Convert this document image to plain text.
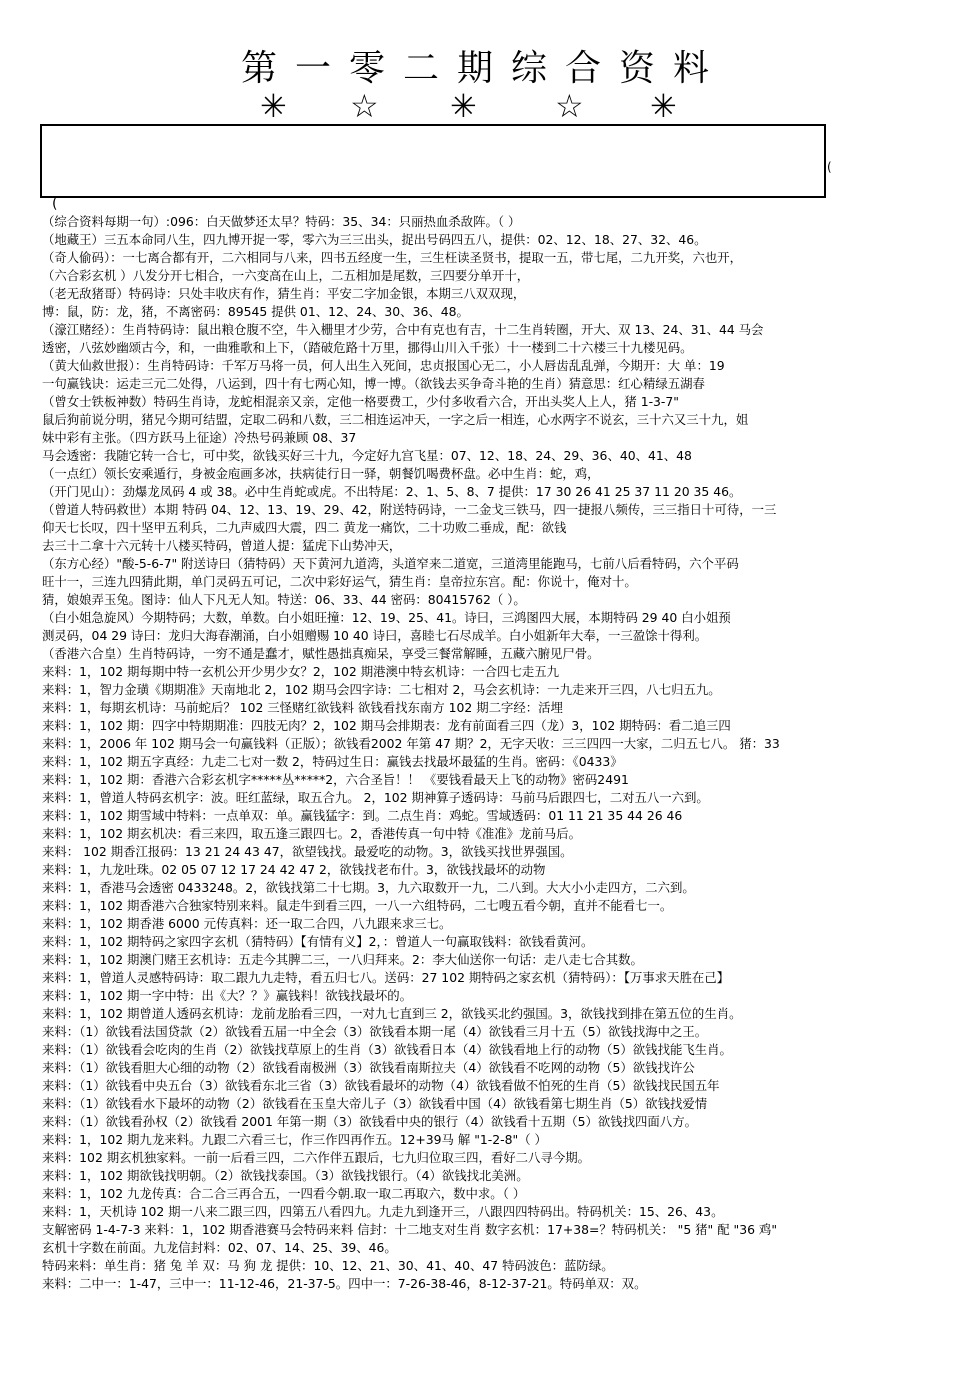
第一零二期综合资料
✳ ☆ ✳ ☆ ✳
(
(
（综合资料每期一句）:096：白天做梦还太早？特码：35、34：只丽热血杀敌阵。（ ）
（地藏王）三五本命同八生，四九博开捉一零，零六为三三出头，捉出号码四五八，提供：02、12、18、27、32、46。
（奇人偷码）：一七离合都有开，二六相同与八来，四书五经度一生，三生枉读圣贤书，提取一五，带七尾，二九开奖，六也开，
（六合彩玄机 ）八发分开七相合，一六变高在山上，二五相加是尾数，三四要分单开十，
（老无敌猪哥）特码诗：只处丰收庆有作，猜生肖：平安二字加金银，本期三八双双现，
博：鼠，防：龙，猪，不离密码：89545 提供 01、12、24、30、36、48。
（濠江赌经）：生肖特码诗：鼠出粮仓腹不空，牛入栅里才少劳，合中有克也有吉，十二生肖转圈，开大、双 13、24、31、44 马会
透密，八弦妙幽颂古今，和，一曲雅歌和上下，（踏破危路十万里，挪得山川入千张）十一楼到二十六楼三十九楼见码。
（黄大仙救世报）：生肖特码诗：千军万马将一员，何人出生入死间，忠贞报国心无二，小人唇齿乱乱弹，今期开：大 单：19
一句赢钱诀：运走三元二处得，八运到，四十有七两心知，博一博。（欲钱去买争奇斗艳的生肖）猜意思：红心精绿五湖春
（曾女士铁板神数）特码生肖诗，龙蛇相混亲又亲，定他一格要费工，少付多收看六合，开出头奖人上人，猪 1-3-7"
鼠后狗前说分明，猪兄今期可结盟，定取二码和八数，三二相连运冲天，一字之后一相连，心水两字不说玄，三十六又三十九，姐
妹中彩有主张。（四方跃马上征途）冷热号码兼顾 08、37
马会透密：我随它转一合七，可中奖，欲钱买好三十九，今定好九宫飞星：07、12、18、24、29、36、40、41、48
（一点红）领长安乘遁行，身被金庖画多冰，扶病徒行日一驿，朝餐饥喝费杯盘。必中生肖：蛇，鸡，
（开门见山）：劲爆龙凤码 4 或 38。必中生肖蛇或虎。不出特尾：2、1、5、8、7 提供：17 30 26 41 25 37 11 20 35 46。
（曾道人特码救世）本期 特码 04、12、13、19、29、42，附送特码诗，一二金戈三铁马，四一捷报八频传，三三指日十可待，一三
仰天七长叹，四十坚甲五利兵，二九声威四大震，四二 黄龙一痛饮，二十功败二垂成，配：欲钱
去三十二拿十六元转十八楼买特码，曾道人提：猛虎下山势冲天，
（东方心经）"酸-5-6-7" 附送诗曰（猜特码）天下黄河九道湾，头道窄来二道宽，三道湾里能跑马，七前八后看特码，六个平码
旺十一，三连九四猜此期，单门灵码五可记，二次中彩好运气，猜生肖：皇帝拉东宫。配：你说十，俺对十。
猜，娘娘弄玉兔。图诗：仙人下凡无人知。特送：06、33、44 密码：80415762（ ）。
（白小姐急旋风）今期特码；大数，单数。白小姐旺撞：12、19、25、41。诗曰，三鸿图四大展，本期特码 29 40 白小姐预
测灵码，04 29 诗曰：龙归大海春潮涌，白小姐赠赐 10 40 诗曰，喜睦七石尽成羊。白小姐新年大奉，一三盈馀十得利。
（香港六合皇）生肖特码诗，一穷不通是蠢才，赋性愚拙真痴呆，享受三餐常解睡，五藏六腑见尸骨。
来料：1，102 期每期中特一玄机公开少男少女？2，102 期港澳中特玄机诗：一合四七走五九
来料：1，智力金璜《期期准》天南地北 2，102 期马会四字诗：二七相对 2，马会玄机诗：一九走来开三四，八七归五九。
来料：1，每期玄机诗：马前蛇后？ 102 三怪赌红欲钱料 欲钱看找东南方 102 期二字经：活埋
来料：1，102 期：四字中特期期准：四肢无肉？2，102 期马会排期表：龙有前面看三四（龙）3，102 期特码：看二追三四
来料：1，2006 年 102 期马会一句赢钱料（正版）；欲钱看2002 年第 47 期？2，无字天收：三三四四一大家，二归五七八。 猪：33
来料：1，102 期五字真经：九走二七对一数 2，特码过生日：赢钱去找最坏最猛的生肖。密码：《0433》
来料：1，102 期：香港六合彩玄机字*****丛*****2，六合圣旨！！ 《要钱看最天上飞的动物》密码2491
来料：1，曾道人特码玄机字：波。旺红蓝绿，取五合九。 2，102 期神算子透码诗：马前马后跟四七，二对五八一六到。
来料：1，102 期雪域中特料：一点单双：单。赢钱猛字：到。二点生肖：鸡蛇。雪域透码：01 11 21 35 44 26 46
来料：1，102 期玄机决：看三来四，取五逢三跟四七。2，香港传真一句中特《准准》龙前马后。
来料： 102 期香江报码：13 21 24 43 47，欲望钱找。最爱吃的动物。3，欲钱买找世界强国。
来料：1，九龙吐珠。02 05 07 12 17 24 42 47 2，欲钱找老布什。3，欲钱找最坏的动物
来料：1，香港马会透密 0433248。2，欲钱找第二十七期。3，九六取数开一九，二八到。大大小小走四方，二六到。
来料：1，102 期香港六合独家特别来料。鼠走牛到看三四，一八一六组特码，二七嗖五看今朝，直并不能看七一。
来料：1，102 期香港 6000 元传真料：还一取二合四，八九跟来求三七。
来料：1，102 期特码之家四字玄机（猜特码）【有情有义】2，：曾道人一句赢取钱料：欲钱看黄河。
来料：1，102 期澳门赌王玄机诗：五走今其脾二三，一八归拜来。2：李大仙送你一句话：走八走七合其数。
来料：1，曾道人灵感特码诗：取二跟九九走特，看五归七八。送码：27 102 期特码之家玄机（猜特码）：【万事求天胜在己】
来料：1，102 期一字中特：出《大？？》赢钱料！欲钱找最坏的。
来料：1，102 期曾道人透码玄机诗：龙前龙胎看三四，一对九七直到三 2，欲钱买北约强国。3，欲钱找到排在第五位的生肖。
来料：（1）欲钱看法国贷款（2）欲钱看五届一中全会（3）欲钱看本期一尾（4）欲钱看三月十五（5）欲钱找海中之王。
来料：（1）欲钱看会吃肉的生肖（2）欲钱找草原上的生肖（3）欲钱看日本（4）欲钱看地上行的动物（5）欲钱找能飞生肖。
来料：（1）欲钱看胆大心细的动物（2）欲钱看南极洲（3）欲钱看南斯拉夫（4）欲钱看不吃网的动物（5）欲钱找许公
来料：（1）欲钱看中央五台（3）欲钱看东北三省（3）欲钱看最坏的动物（4）欲钱看做不怕死的生肖（5）欲钱找民国五年
来料：（1）欲钱看水下最坏的动物（2）欲钱看在玉皇大帝儿子（3）欲钱看中国（4）欲钱看第七期生肖（5）欲钱找爱情
来料：（1）欲钱看孙权（2）欲钱看 2001 年第一期（3）欲钱看中央的银行（4）欲钱看十五期（5）欲钱找四面八方。
来料：1，102 期九龙来料。九跟二六看三七，作三作四再作五。12+39马 解 "1-2-8"（ ）
来料：102 期玄机独家料。一前一后看三四，二六作伴五跟后，七九归位取三四，看好二八寻今期。
来料：1，102 期欲钱找明朝。（2）欲钱找泰国。（3）欲钱找银行。（4）欲钱找北美洲。
来料：1，102 九龙传真：合二合三再合五，一四看今朝.取一取二再取六，数中求。（ ）
来料：1，天机诗 102 期一八来二跟三四，四第五八看四九。九走九到逢开三，八跟四四特码出。特码机关：15、26、43。
支解密码 1-4-7-3 来料：1，102 期香港赛马会特码来料 信封：十二地支对生肖 数字玄机：17+38=？特码机关： "5 猪" 配 "36 鸡"
玄机十字数在前面。九龙信封料：02、07、14、25、39、46。
特码来料：单生肖：猪 兔 羊 双：马 狗 龙 提供：10、12、21、30、41、40、47 特码波色：蓝防绿。
来料：二中一：1-47，三中一：11-12-46，21-37-5。四中一：7-26-38-46，8-12-37-21。特码单双：双。
